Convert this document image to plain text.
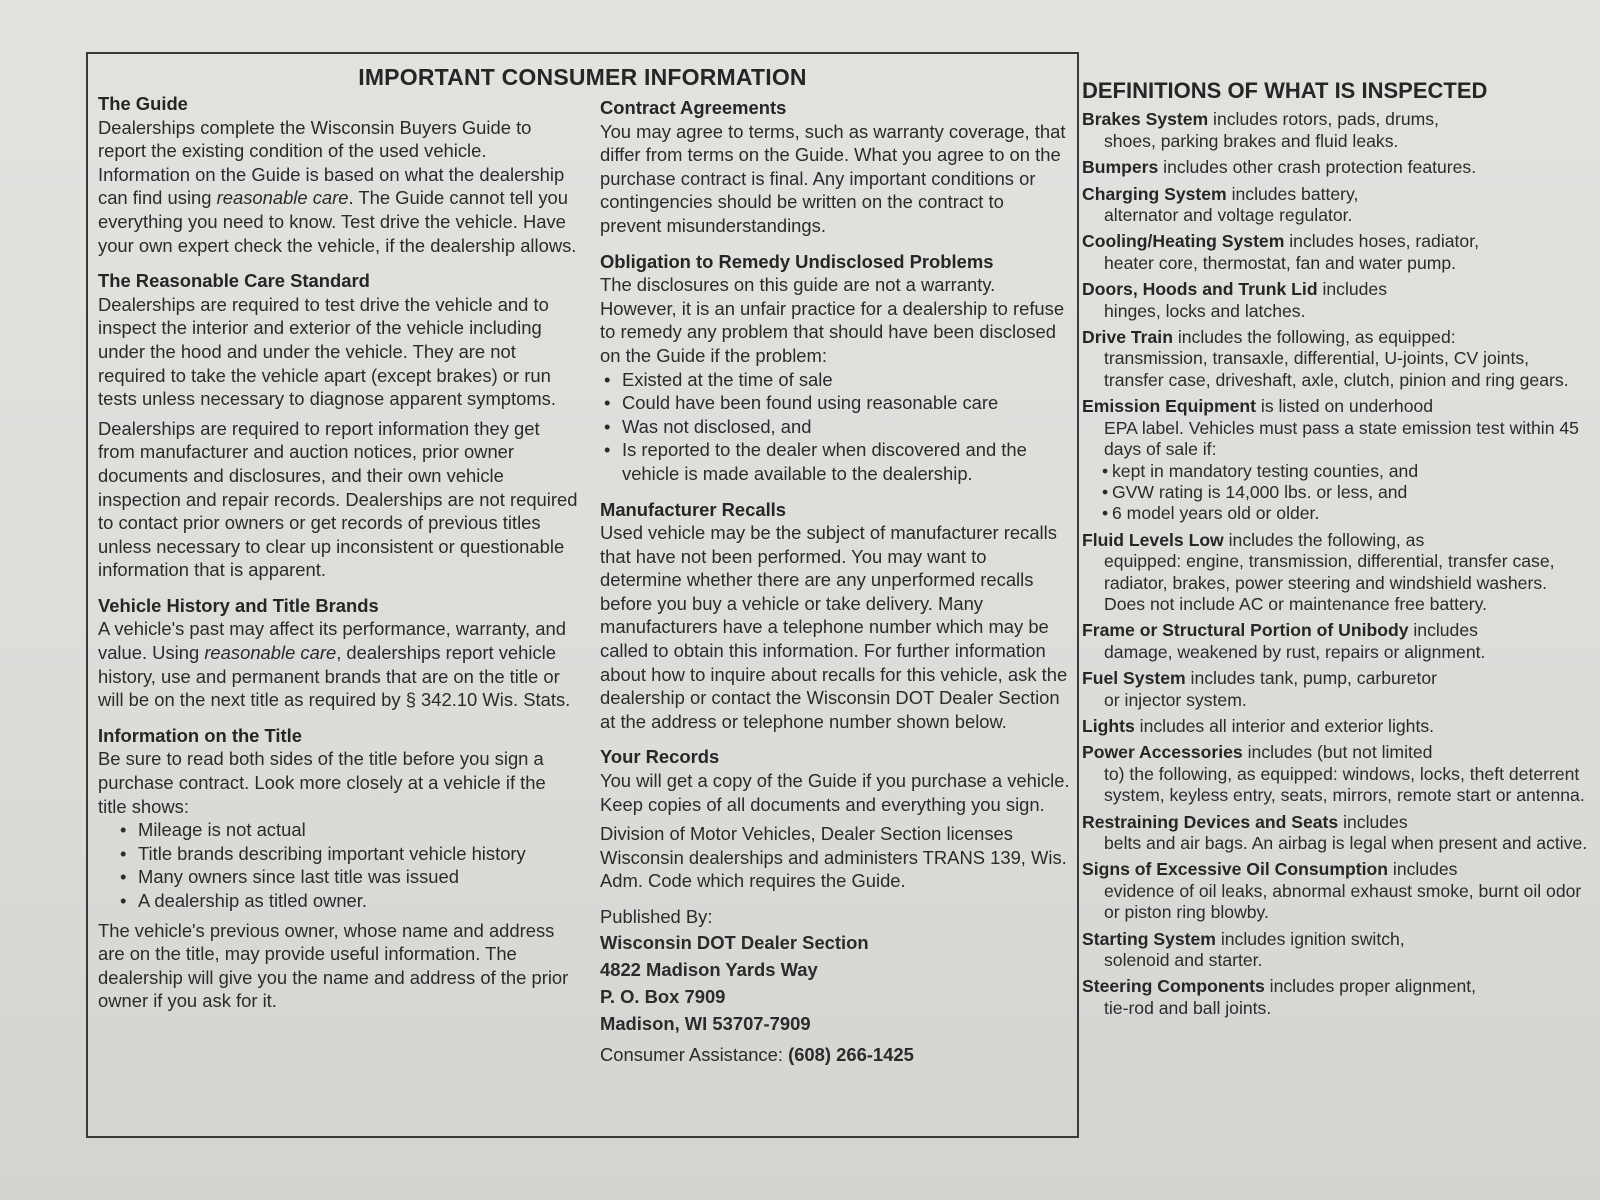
IMPORTANT CONSUMER INFORMATION
The Guide

Dealerships complete the Wisconsin Buyers Guide to report the existing condition of the used vehicle. Information on the Guide is based on what the dealership can find using reasonable care. The Guide cannot tell you everything you need to know. Test drive the vehicle. Have your own expert check the vehicle, if the dealership allows.

The Reasonable Care Standard

Dealerships are required to test drive the vehicle and to inspect the interior and exterior of the vehicle including under the hood and under the vehicle. They are not required to take the vehicle apart (except brakes) or run tests unless necessary to diagnose apparent symptoms.

Dealerships are required to report information they get from manufacturer and auction notices, prior owner documents and disclosures, and their own vehicle inspection and repair records. Dealerships are not required to contact prior owners or get records of previous titles unless necessary to clear up inconsistent or questionable information that is apparent.

Vehicle History and Title Brands

A vehicle's past may affect its performance, warranty, and value. Using reasonable care, dealerships report vehicle history, use and permanent brands that are on the title or will be on the next title as required by § 342.10 Wis. Stats.

Information on the Title

Be sure to read both sides of the title before you sign a purchase contract. Look more closely at a vehicle if the title shows:

• Mileage is not actual
• Title brands describing important vehicle history
• Many owners since last title was issued
• A dealership as titled owner.

The vehicle's previous owner, whose name and address are on the title, may provide useful information. The dealership will give you the name and address of the prior owner if you ask for it.

Contract Agreements

You may agree to terms, such as warranty coverage, that differ from terms on the Guide. What you agree to on the purchase contract is final. Any important conditions or contingencies should be written on the contract to prevent misunderstandings.

Obligation to Remedy Undisclosed Problems

The disclosures on this guide are not a warranty. However, it is an unfair practice for a dealership to refuse to remedy any problem that should have been disclosed on the Guide if the problem:

• Existed at the time of sale
• Could have been found using reasonable care
• Was not disclosed, and
• Is reported to the dealer when discovered and the vehicle is made available to the dealership.
Manufacturer Recalls

Used vehicle may be the subject of manufacturer recalls that have not been performed. You may want to determine whether there are any unperformed recalls before you buy a vehicle or take delivery. Many manufacturers have a telephone number which may be called to obtain this information. For further information about how to inquire about recalls for this vehicle, ask the dealership or contact the Wisconsin DOT Dealer Section at the address or telephone number shown below.

Your Records

You will get a copy of the Guide if you purchase a vehicle. Keep copies of all documents and everything you sign.

Division of Motor Vehicles, Dealer Section licenses Wisconsin dealerships and administers TRANS 139, Wis. Adm. Code which requires the Guide.

Published By:

Wisconsin DOT Dealer Section
4822 Madison Yards Way
P. O. Box 7909
Madison, WI 53707-7909

Consumer Assistance: (608) 266-1425

DEFINITIONS OF WHAT IS INSPECTED
Brakes System includes rotors, pads, drums,
shoes, parking brakes and fluid leaks.
Bumpers includes other crash protection features.
Charging System includes battery,
alternator and voltage regulator.
Cooling/Heating System includes hoses, radiator,
heater core, thermostat, fan and water pump.
Doors, Hoods and Trunk Lid includes
hinges, locks and latches.
Drive Train includes the following, as equipped:
transmission, transaxle, differential, U-joints, CV joints, transfer case, driveshaft, axle, clutch, pinion and ring gears.
Emission Equipment is listed on underhood
EPA label. Vehicles must pass a state emission test within 45 days of sale if:
• kept in mandatory testing counties, and
• GVW rating is 14,000 lbs. or less, and
• 6 model years old or older.
Fluid Levels Low includes the following, as
equipped: engine, transmission, differential, transfer case, radiator, brakes, power steering and windshield washers. Does not include AC or maintenance free battery.
Frame or Structural Portion of Unibody includes
damage, weakened by rust, repairs or alignment.
Fuel System includes tank, pump, carburetor
or injector system.
Lights includes all interior and exterior lights.
Power Accessories includes (but not limited
to) the following, as equipped: windows, locks, theft deterrent system, keyless entry, seats, mirrors, remote start or antenna.
Restraining Devices and Seats includes
belts and air bags. An airbag is legal when present and active.
Signs of Excessive Oil Consumption includes
evidence of oil leaks, abnormal exhaust smoke, burnt oil odor or piston ring blowby.
Starting System includes ignition switch,
solenoid and starter.
Steering Components includes proper alignment,
tie-rod and ball joints.
